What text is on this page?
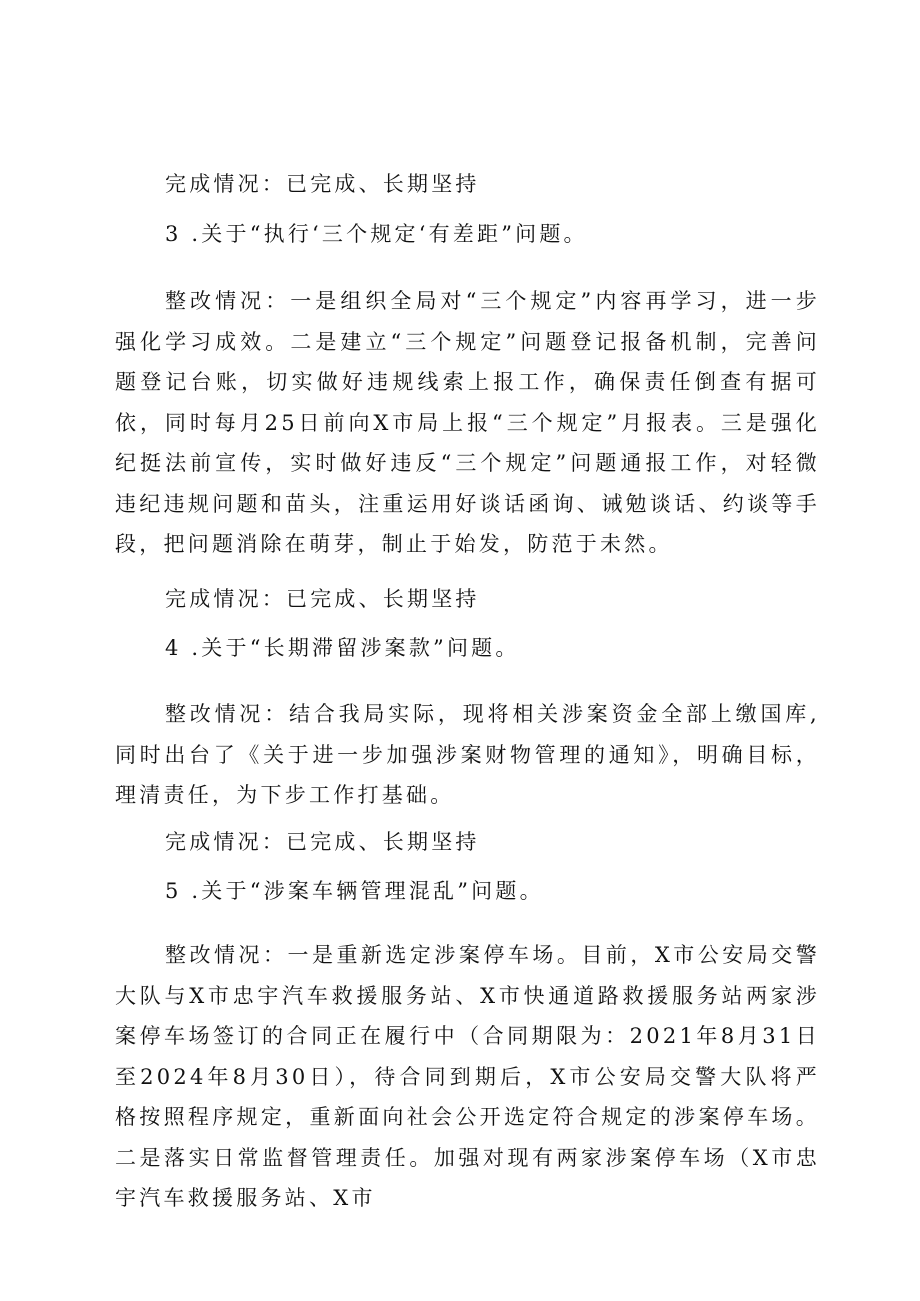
完成情况：已完成、长期坚持
3 .关于“执行‘三个规定‘有差距”问题。

整改情况：一是组织全局对“三个规定”内容再学习，进一步强化学习成效。二是建立“三个规定”问题登记报备机制，完善问题登记台账，切实做好违规线索上报工作，确保责任倒查有据可依，同时每月25日前向X市局上报“三个规定”月报表。三是强化纪挺法前宣传，实时做好违反“三个规定”问题通报工作，对轻微违纪违规问题和苗头，注重运用好谈话函询、诫勉谈话、约谈等手段，把问题消除在萌芽，制止于始发，防范于未然。

完成情况：已完成、长期坚持
4 .关于“长期滞留涉案款”问题。

整改情况：结合我局实际，现将相关涉案资金全部上缴国库,同时出台了《关于进一步加强涉案财物管理的通知》，明确目标，理清责任，为下步工作打基础。

完成情况：已完成、长期坚持
5 .关于“涉案车辆管理混乱”问题。

整改情况：一是重新选定涉案停车场。目前，X市公安局交警大队与X市忠宇汽车救援服务站、X市快通道路救援服务站两家涉案停车场签订的合同正在履行中（合同期限为：2021年8月31日至2024年8月30日），待合同到期后，X市公安局交警大队将严格按照程序规定，重新面向社会公开选定符合规定的涉案停车场。二是落实日常监督管理责任。加强对现有两家涉案停车场（X市忠宇汽车救援服务站、X市
